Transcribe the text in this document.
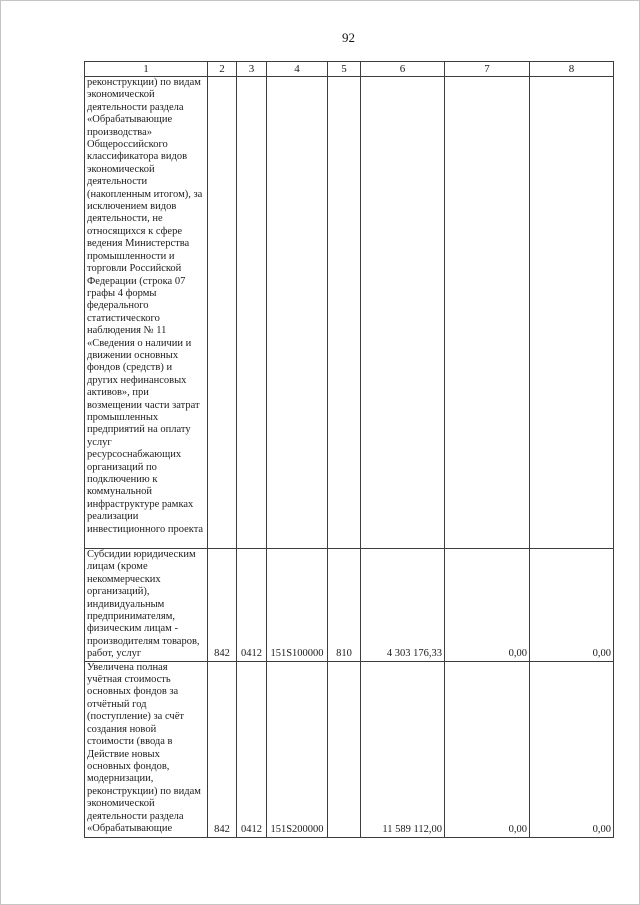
92
1	2	3	4	5	6	7	8
реконструкции) по видам экономической деятельности раздела «Обрабатывающие производства» Общероссийского классификатора видов экономической деятельности (накопленным итогом), за исключением видов деятельности, не относящихся к сфере ведения Министерства промышленности и торговли Российской Федерации (строка 07 графы 4 формы федерального статистического наблюдения № 11 «Сведения о наличии и движении основных фондов (средств) и других нефинансовых активов», при возмещении части затрат промышленных предприятий на оплату услуг ресурсоснабжающих организаций по подключению к коммунальной инфраструктуре рамках реализации инвестиционного проекта							
Субсидии юридическим лицам (кроме некоммерческих организаций), индивидуальным предпринимателям, физическим лицам - производителям товаров, работ, услуг	842	0412	151S100000	810	4 303 176,33	0,00	0,00
Увеличена полная учётная стоимость основных фондов за отчётный год (поступление) за счёт создания новой стоимости (ввода в Действие новых основных фондов, модернизации, реконструкции) по видам экономической деятельности раздела «Обрабатывающие	842	0412	151S200000		11 589 112,00	0,00	0,00
